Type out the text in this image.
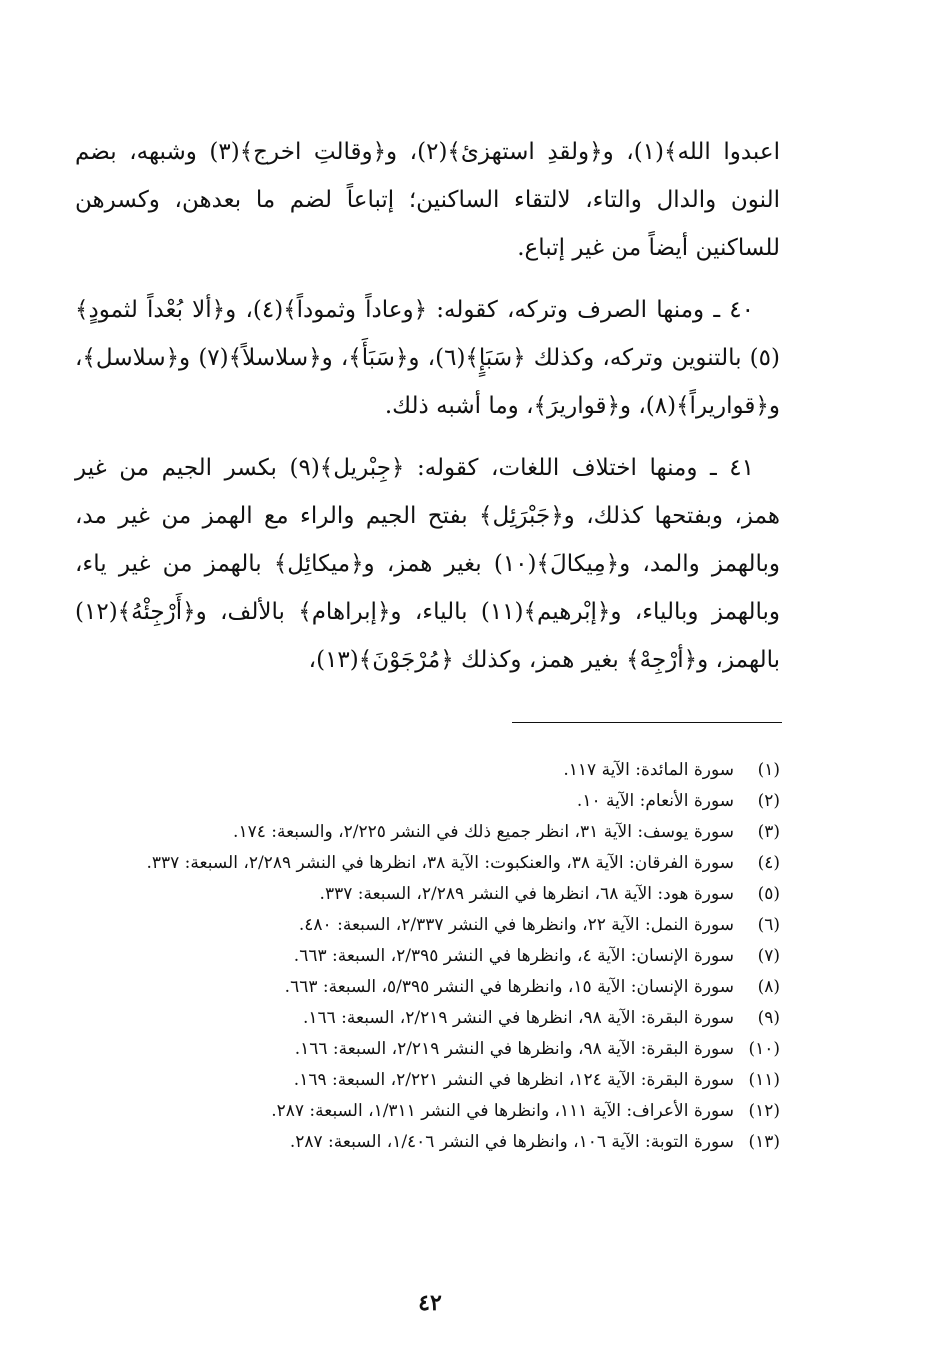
اعبدوا الله﴾(١)، و﴿ولقدِ استهزئ﴾(٢)، و﴿وقالتِ اخرج﴾(٣) وشبهه، بضم النون والدال والتاء، لالتقاء الساكنين؛ إتباعاً لضم ما بعدهن، وكسرهن للساكنين أيضاً من غير إتباع.

٤٠ ـ ومنها الصرف وتركه، كقوله: ﴿وعاداً وثموداً﴾(٤)، و﴿ألا بُعْداً لثمودٍ﴾(٥) بالتنوين وتركه، وكذلك ﴿سَبَإٍ﴾(٦)، و﴿سَبَأَ﴾، و﴿سلاسلاً﴾(٧) و﴿سلاسل﴾، و﴿قواريراً﴾(٨)، و﴿قواريرَ﴾، وما أشبه ذلك.

٤١ ـ ومنها اختلاف اللغات، كقوله: ﴿جِبْريل﴾(٩) بكسر الجيم من غير همز، وبفتحها كذلك، و﴿جَبْرَئِل﴾ بفتح الجيم والراء مع الهمز من غير مد، وبالهمز والمد، و﴿مِيكالَ﴾(١٠) بغير همز، و﴿ميكائِل﴾ بالهمز من غير ياء، وبالهمز وبالياء، و﴿إبْرهيم﴾(١١) بالياء، و﴿إبراهام﴾ بالألف، و﴿أَرْجِئْهُ﴾(١٢) بالهمز، و﴿أرْجِهْ﴾ بغير همز، وكذلك ﴿مُرْجَوْنَ﴾(١٣)،

(١)
سورة المائدة: الآية ١١٧.
(٢)
سورة الأنعام: الآية ١٠.
(٣)
سورة يوسف: الآية ٣١، انظر جميع ذلك في النشر ٢/٢٢٥، والسبعة: ١٧٤.
(٤)
سورة الفرقان: الآية ٣٨، والعنكبوت: الآية ٣٨، انظرها في النشر ٢/٢٨٩، السبعة: ٣٣٧.
(٥)
سورة هود: الآية ٦٨، انظرها في النشر ٢/٢٨٩، السبعة: ٣٣٧.
(٦)
سورة النمل: الآية ٢٢، وانظرها في النشر ٢/٣٣٧، السبعة: ٤٨٠.
(٧)
سورة الإنسان: الآية ٤، وانظرها في النشر ٢/٣٩٥، السبعة: ٦٦٣.
(٨)
سورة الإنسان: الآية ١٥، وانظرها في النشر ٥/٣٩٥، السبعة: ٦٦٣.
(٩)
سورة البقرة: الآية ٩٨، انظرها في النشر ٢/٢١٩، السبعة: ١٦٦.
(١٠)
سورة البقرة: الآية ٩٨، وانظرها في النشر ٢/٢١٩، السبعة: ١٦٦.
(١١)
سورة البقرة: الآية ١٢٤، انظرها في النشر ٢/٢٢١، السبعة: ١٦٩.
(١٢)
سورة الأعراف: الآية ١١١، وانظرها في النشر ١/٣١١، السبعة: ٢٨٧.
(١٣)
سورة التوبة: الآية ١٠٦، وانظرها في النشر ١/٤٠٦، السبعة: ٢٨٧.
٤٢
